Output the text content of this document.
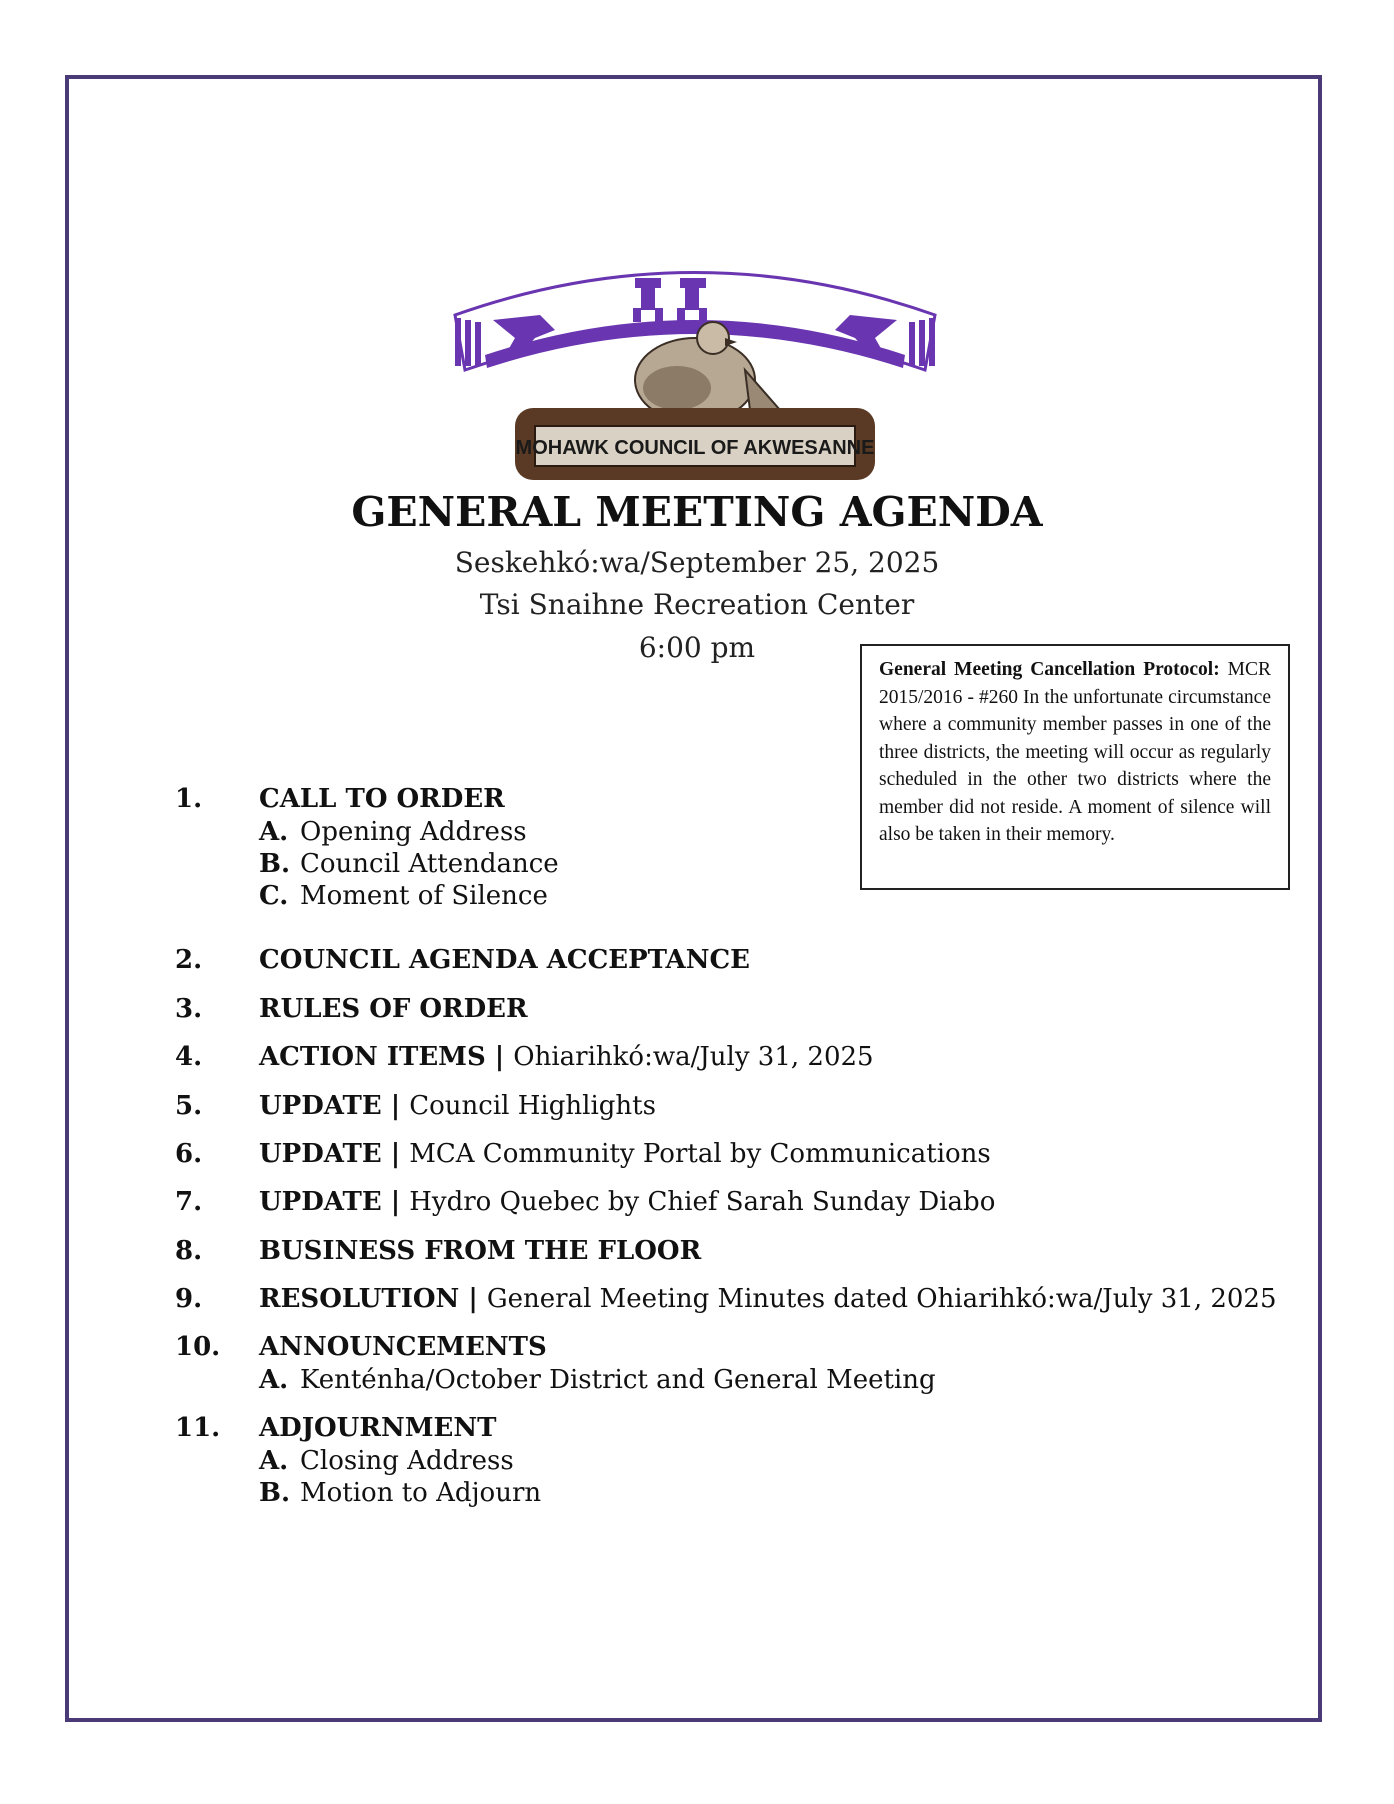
MOHAWK COUNCIL OF AKWESANNE
GENERAL MEETING AGENDA
Seskehkó:wa/September 25, 2025
Tsi Snaihne Recreation Center
6:00 pm
General Meeting Cancellation Protocol: MCR 2015/2016 - #260 In the unfortunate circumstance where a community member passes in one of the three districts, the meeting will occur as regularly scheduled in the other two districts where the member did not reside. A moment of silence will also be taken in their memory.
1. CALL TO ORDER
A. Opening Address
B. Council Attendance
C. Moment of Silence
2. COUNCIL AGENDA ACCEPTANCE
3. RULES OF ORDER
4. ACTION ITEMS | Ohiarihkó:wa/July 31, 2025
5. UPDATE | Council Highlights
6. UPDATE | MCA Community Portal by Communications
7. UPDATE | Hydro Quebec by Chief Sarah Sunday Diabo
8. BUSINESS FROM THE FLOOR
9. RESOLUTION | General Meeting Minutes dated Ohiarihkó:wa/July 31, 2025
10. ANNOUNCEMENTS
A. Kenténha/October District and General Meeting
11. ADJOURNMENT
A. Closing Address
B. Motion to Adjourn
